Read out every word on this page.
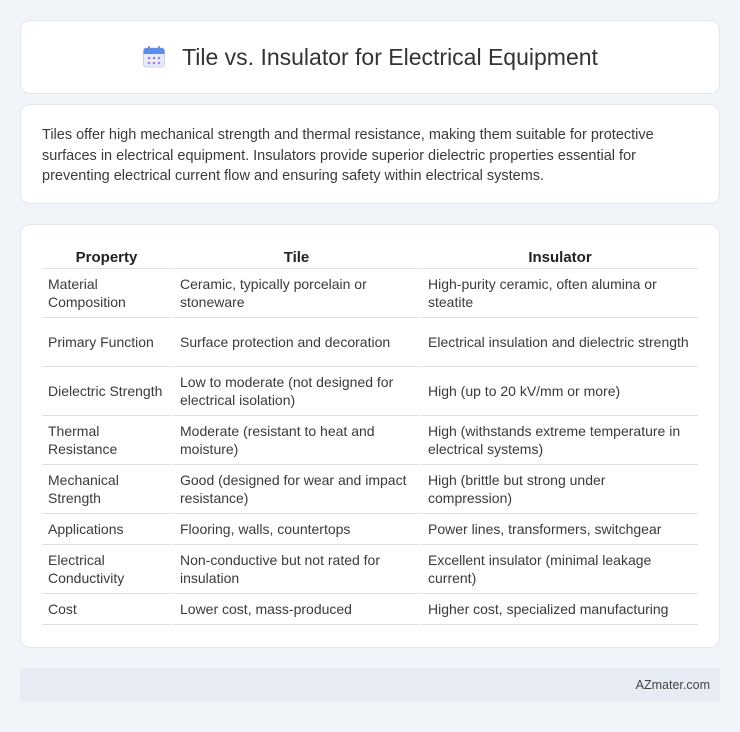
Tile vs. Insulator for Electrical Equipment

Tiles offer high mechanical strength and thermal resistance, making them suitable for protective surfaces in electrical equipment. Insulators provide superior dielectric properties essential for preventing electrical current flow and ensuring safety within electrical systems.

Property	Tile	Insulator
Material Composition	Ceramic, typically porcelain or stoneware	High-purity ceramic, often alumina or steatite
Primary Function	Surface protection and decoration	Electrical insulation and dielectric strength
Dielectric Strength	Low to moderate (not designed for electrical isolation)	High (up to 20 kV/mm or more)
Thermal Resistance	Moderate (resistant to heat and moisture)	High (withstands extreme temperature in electrical systems)
Mechanical Strength	Good (designed for wear and impact resistance)	High (brittle but strong under compression)
Applications	Flooring, walls, countertops	Power lines, transformers, switchgear
Electrical Conductivity	Non-conductive but not rated for insulation	Excellent insulator (minimal leakage current)
Cost	Lower cost, mass-produced	Higher cost, specialized manufacturing
AZmater.com
